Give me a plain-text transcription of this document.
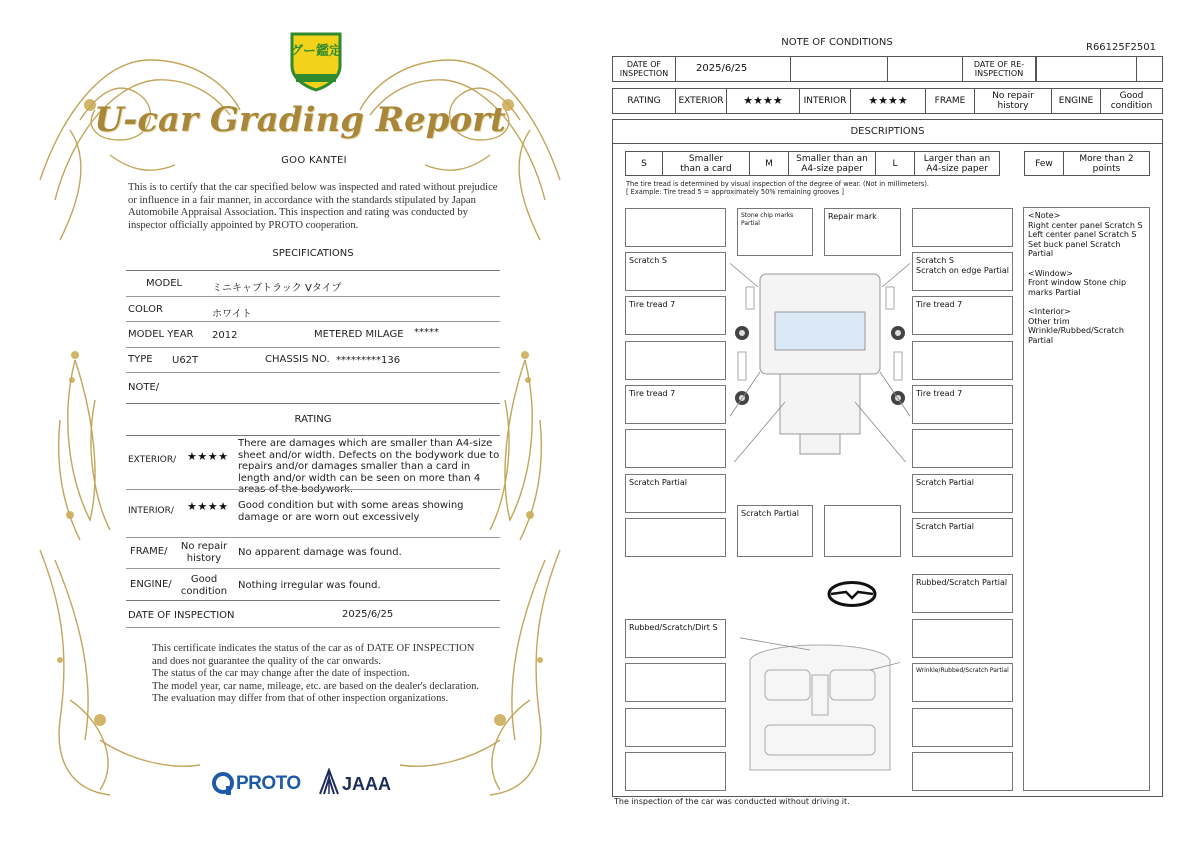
グー鑑定
U-car Grading Report
GOO KANTEI
This is to certify that the car specified below was inspected and rated without prejudice or influence in a fair manner, in accordance with the standards stipulated by Japan Automobile Appraisal Association. This inspection and rating was conducted by inspector officially appointed by PROTO cooperation.
SPECIFICATIONS
MODEL	ミニキャブトラック Vタイプ
COLOR	ホワイト
MODEL YEAR 2012	METERED MILAGE *****
TYPE U62T	CHASSIS NO. *********136
NOTE/
RATING
EXTERIOR/ ★★★★
There are damages which are smaller than A4-size sheet and/or width. Defects on the bodywork due to repairs and/or damages smaller than a card in length and/or width can be seen on more than 4 areas of the bodywork.
INTERIOR/ ★★★★ Good condition but with some areas showing damage or are worn out excessively
FRAME/	No repair history	No apparent damage was found.
ENGINE/	Good condition	Nothing irregular was found.
DATE OF INSPECTION	2025/6/25
This certificate indicates the status of the car as of DATE OF INSPECTION and does not guarantee the quality of the car onwards.
The status of the car may change after the date of inspection.
The model year, car name, mileage, etc. are based on the dealer's declaration.
The evaluation may differ from that of other inspection organizations.
PROTO JAAA
NOTE OF CONDITIONS	R66125F2501
DATE OF INSPECTION	2025/6/25	DATE OF RE-INSPECTION
RATING	EXTERIOR	★★★★	INTERIOR	★★★★	FRAME	No repair history	ENGINE	Good condition
DESCRIPTIONS
S	Smaller than a card	M	Smaller than an A4-size paper	L	Larger than an A4-size paper	Few	More than 2 points
The tire tread is determined by visual inspection of the degree of wear. (Not in millimeters).
[ Example: Tire tread 5 = approximately 50% remaining grooves ]
Scratch S
Tire tread 7
Tire tread 7
Scratch Partial
Rubbed/Scratch/Dirt S
Stone chip marks Partial
Repair mark
Scratch Partial
Scratch S
Scratch on edge Partial
Tire tread 7
Tire tread 7
Scratch Partial
Scratch Partial
Rubbed/Scratch Partial
Wrinkle/Rubbed/Scratch Partial
<Note>
Right center panel Scratch S
Left center panel Scratch S
Set buck panel Scratch Partial

<Window>
Front window Stone chip marks Partial

<Interior>
Other trim
Wrinkle/Rubbed/Scratch Partial
The inspection of the car was conducted without driving it.
